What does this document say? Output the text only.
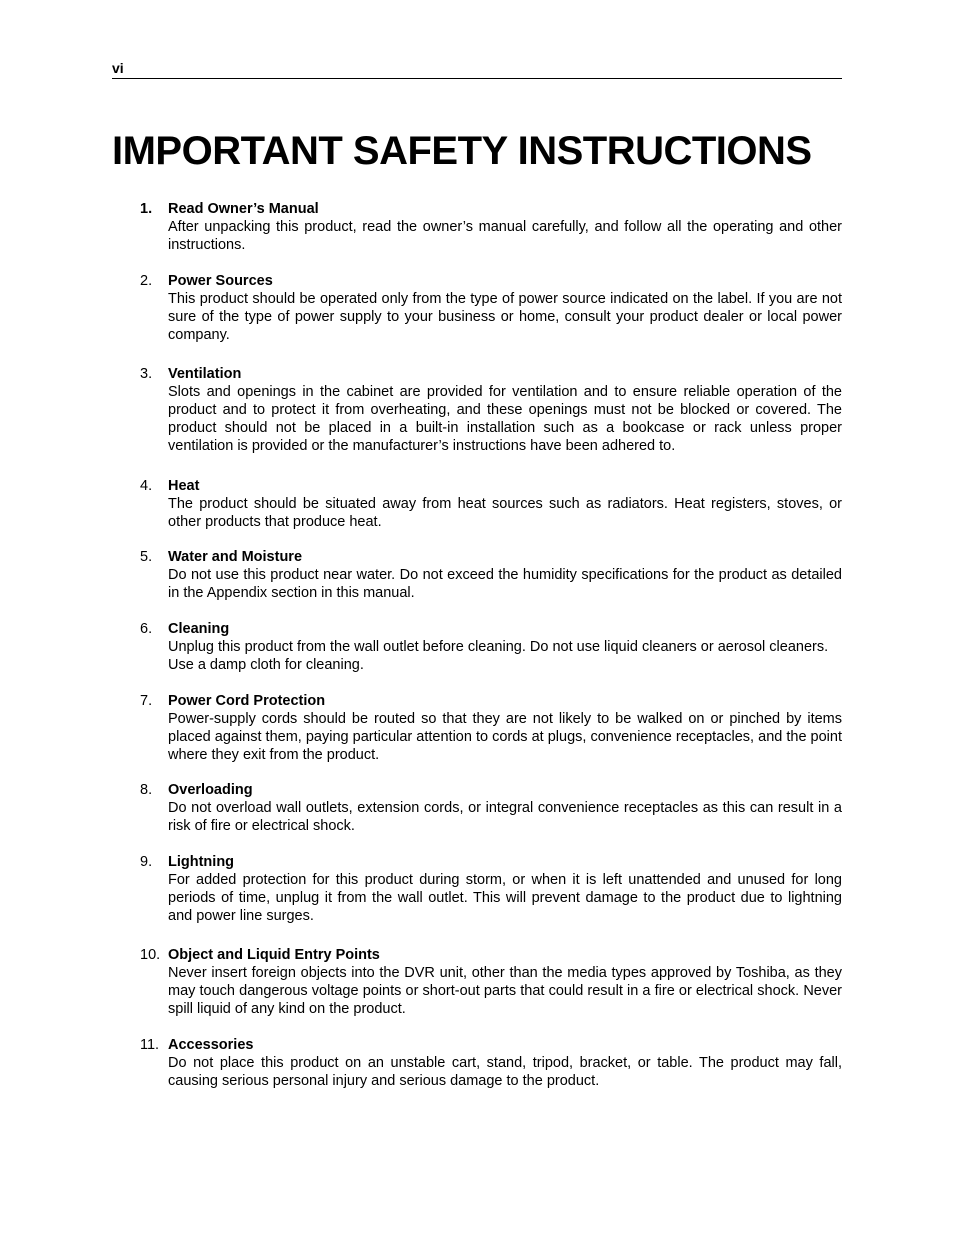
vi
IMPORTANT SAFETY INSTRUCTIONS
1.	Read Owner’s Manual
After unpacking this product, read the owner’s manual carefully, and follow all the operating and other instructions.
2.	Power Sources
This product should be operated only from the type of power source indicated on the label. If you are not sure of the type of power supply to your business or home, consult your product dealer or local power company.
3.	Ventilation
Slots and openings in the cabinet are provided for ventilation and to ensure reliable operation of the product and to protect it from overheating, and these openings must not be blocked or covered. The product should not be placed in a built-in installation such as a bookcase or rack unless proper ventilation is provided or the manufacturer’s instructions have been adhered to.
4.	Heat
The product should be situated away from heat sources such as radiators. Heat registers, stoves, or other products that produce heat.
5.	Water and Moisture
Do not use this product near water. Do not exceed the humidity specifications for the product as detailed in the Appendix section in this manual.
6.	Cleaning
Unplug this product from the wall outlet before cleaning. Do not use liquid cleaners or aerosol cleaners. Use a damp cloth for cleaning.
7.	Power Cord Protection
Power-supply cords should be routed so that they are not likely to be walked on or pinched by items placed against them, paying particular attention to cords at plugs, convenience receptacles, and the point where they exit from the product.
8.	Overloading
Do not overload wall outlets, extension cords, or integral convenience receptacles as this can result in a risk of fire or electrical shock.
9.	Lightning
For added protection for this product during storm, or when it is left unattended and unused for long periods of time, unplug it from the wall outlet. This will prevent damage to the product due to lightning and power line surges.
10. Object and Liquid Entry Points
Never insert foreign objects into the DVR unit, other than the media types approved by Toshiba, as they may touch dangerous voltage points or short-out parts that could result in a fire or electrical shock. Never spill liquid of any kind on the product.
11. Accessories
Do not place this product on an unstable cart, stand, tripod, bracket, or table. The product may fall, causing serious personal injury and serious damage to the product.
